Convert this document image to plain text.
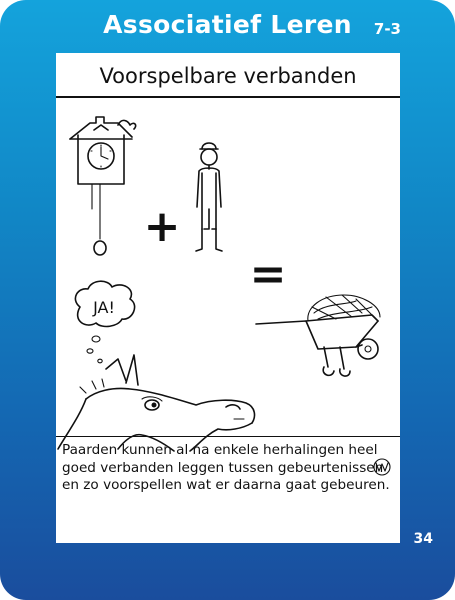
Associatief Leren	7-3
Voorspelbare verbanden
+
=
JA!

Paarden kunnen al na enkele herhalingen heel goed verbanden leggen tussen gebeurtenissen en zo voorspellen wat er daarna gaat gebeuren.

34
